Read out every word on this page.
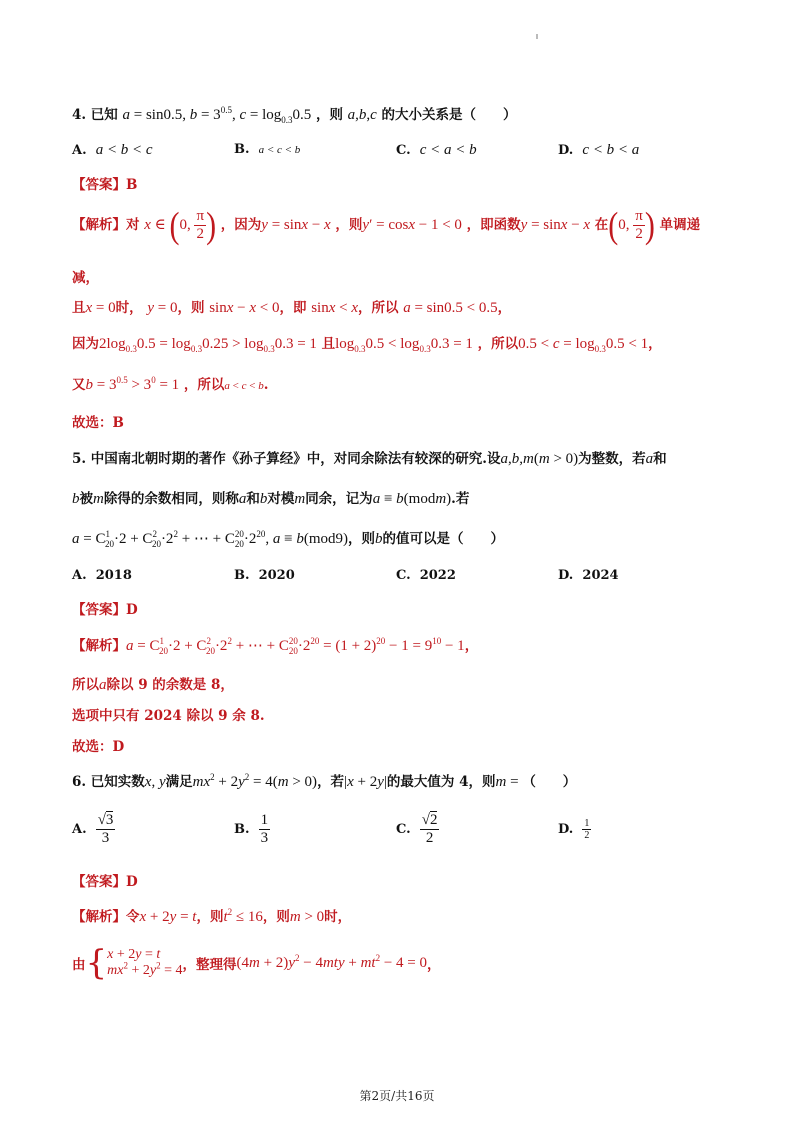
4. 已知 a = sin0.5, $b = 3^{0.5}$, $c = \log_{0.3}0.5$ ，则 a,b,c 的大小关系是（　　）
A. a < b < c	B. a < c < b	C. c < a < b	D. c < b < a
【答案】B
【解析】对 x ∈ (0, $\frac{\pi}{2}$ ) ，因为y = sinx − x ，则y′ = cosx − 1 < 0 ，即函数y = sinx − x 在(0, $\frac{\pi}{2}$ ) 单调递
减，
且x = 0时， y = 0，则 sinx − x < 0，即 sinx < x，所以 a = sin0.5 < 0.5，
因为$2\log_{0.3}0.5 = \log_{0.3}0.25 > \log_{0.3}0.3 = 1$ 且$\log_{0.3}0.5 < \log_{0.3}0.3 = 1$ ，所以$0.5 < c = \log_{0.3}0.5 < 1$，
又$b = 3^{0.5} > 3^0 = 1$ ，所以a < c < b.
故选：B
5. 中国南北朝时期的著作《孙子算经》中，对同余除法有较深的研究.设a,b,m(m > 0)为整数，若a和
b被m除得的余数相同，则称a和b对模m同余，记为a ≡ b(modm).若
$a = C^1_{20}\cdot 2 + C^2_{20}\cdot 2^2$ + ⋯ + $C^{20}_{20}\cdot 2^{20}$, a ≡ b(mod9)，则b的值可以是（　　）
A. 2018	B. 2020	C. 2022	D. 2024
【答案】D
【解析】$a = C^1_{20}\cdot 2 + C^2_{20}\cdot 2^2$ + ⋯ + $C^{20}_{20}\cdot 2^{20} = (1 + 2)^{20} - 1 = 9^{10} - 1$，
所以a除以 9 的余数是 8，
选项中只有 2024 除以 9 余 8.
故选：D
6. 已知实数x, y满足$mx^2 + 2y^2 = 4(m > 0)$，若|x + 2y|的最大值为 4，则m = （　　）
A. $\frac{√3}{3}$	B. $\frac{1}{3}$	C. $\frac{√2}{2}$	D. $\frac{1}{2}$
【答案】D
【解析】令x + 2y = t，则$t^2 \le 16$，则m > 0时，
由 { x + 2y = t
$mx^2 + 2y^2 = 4$ ，整理得 $(4m + 2)y^2 - 4mty + mt^2 - 4 = 0$ ，
第2页/共16页
